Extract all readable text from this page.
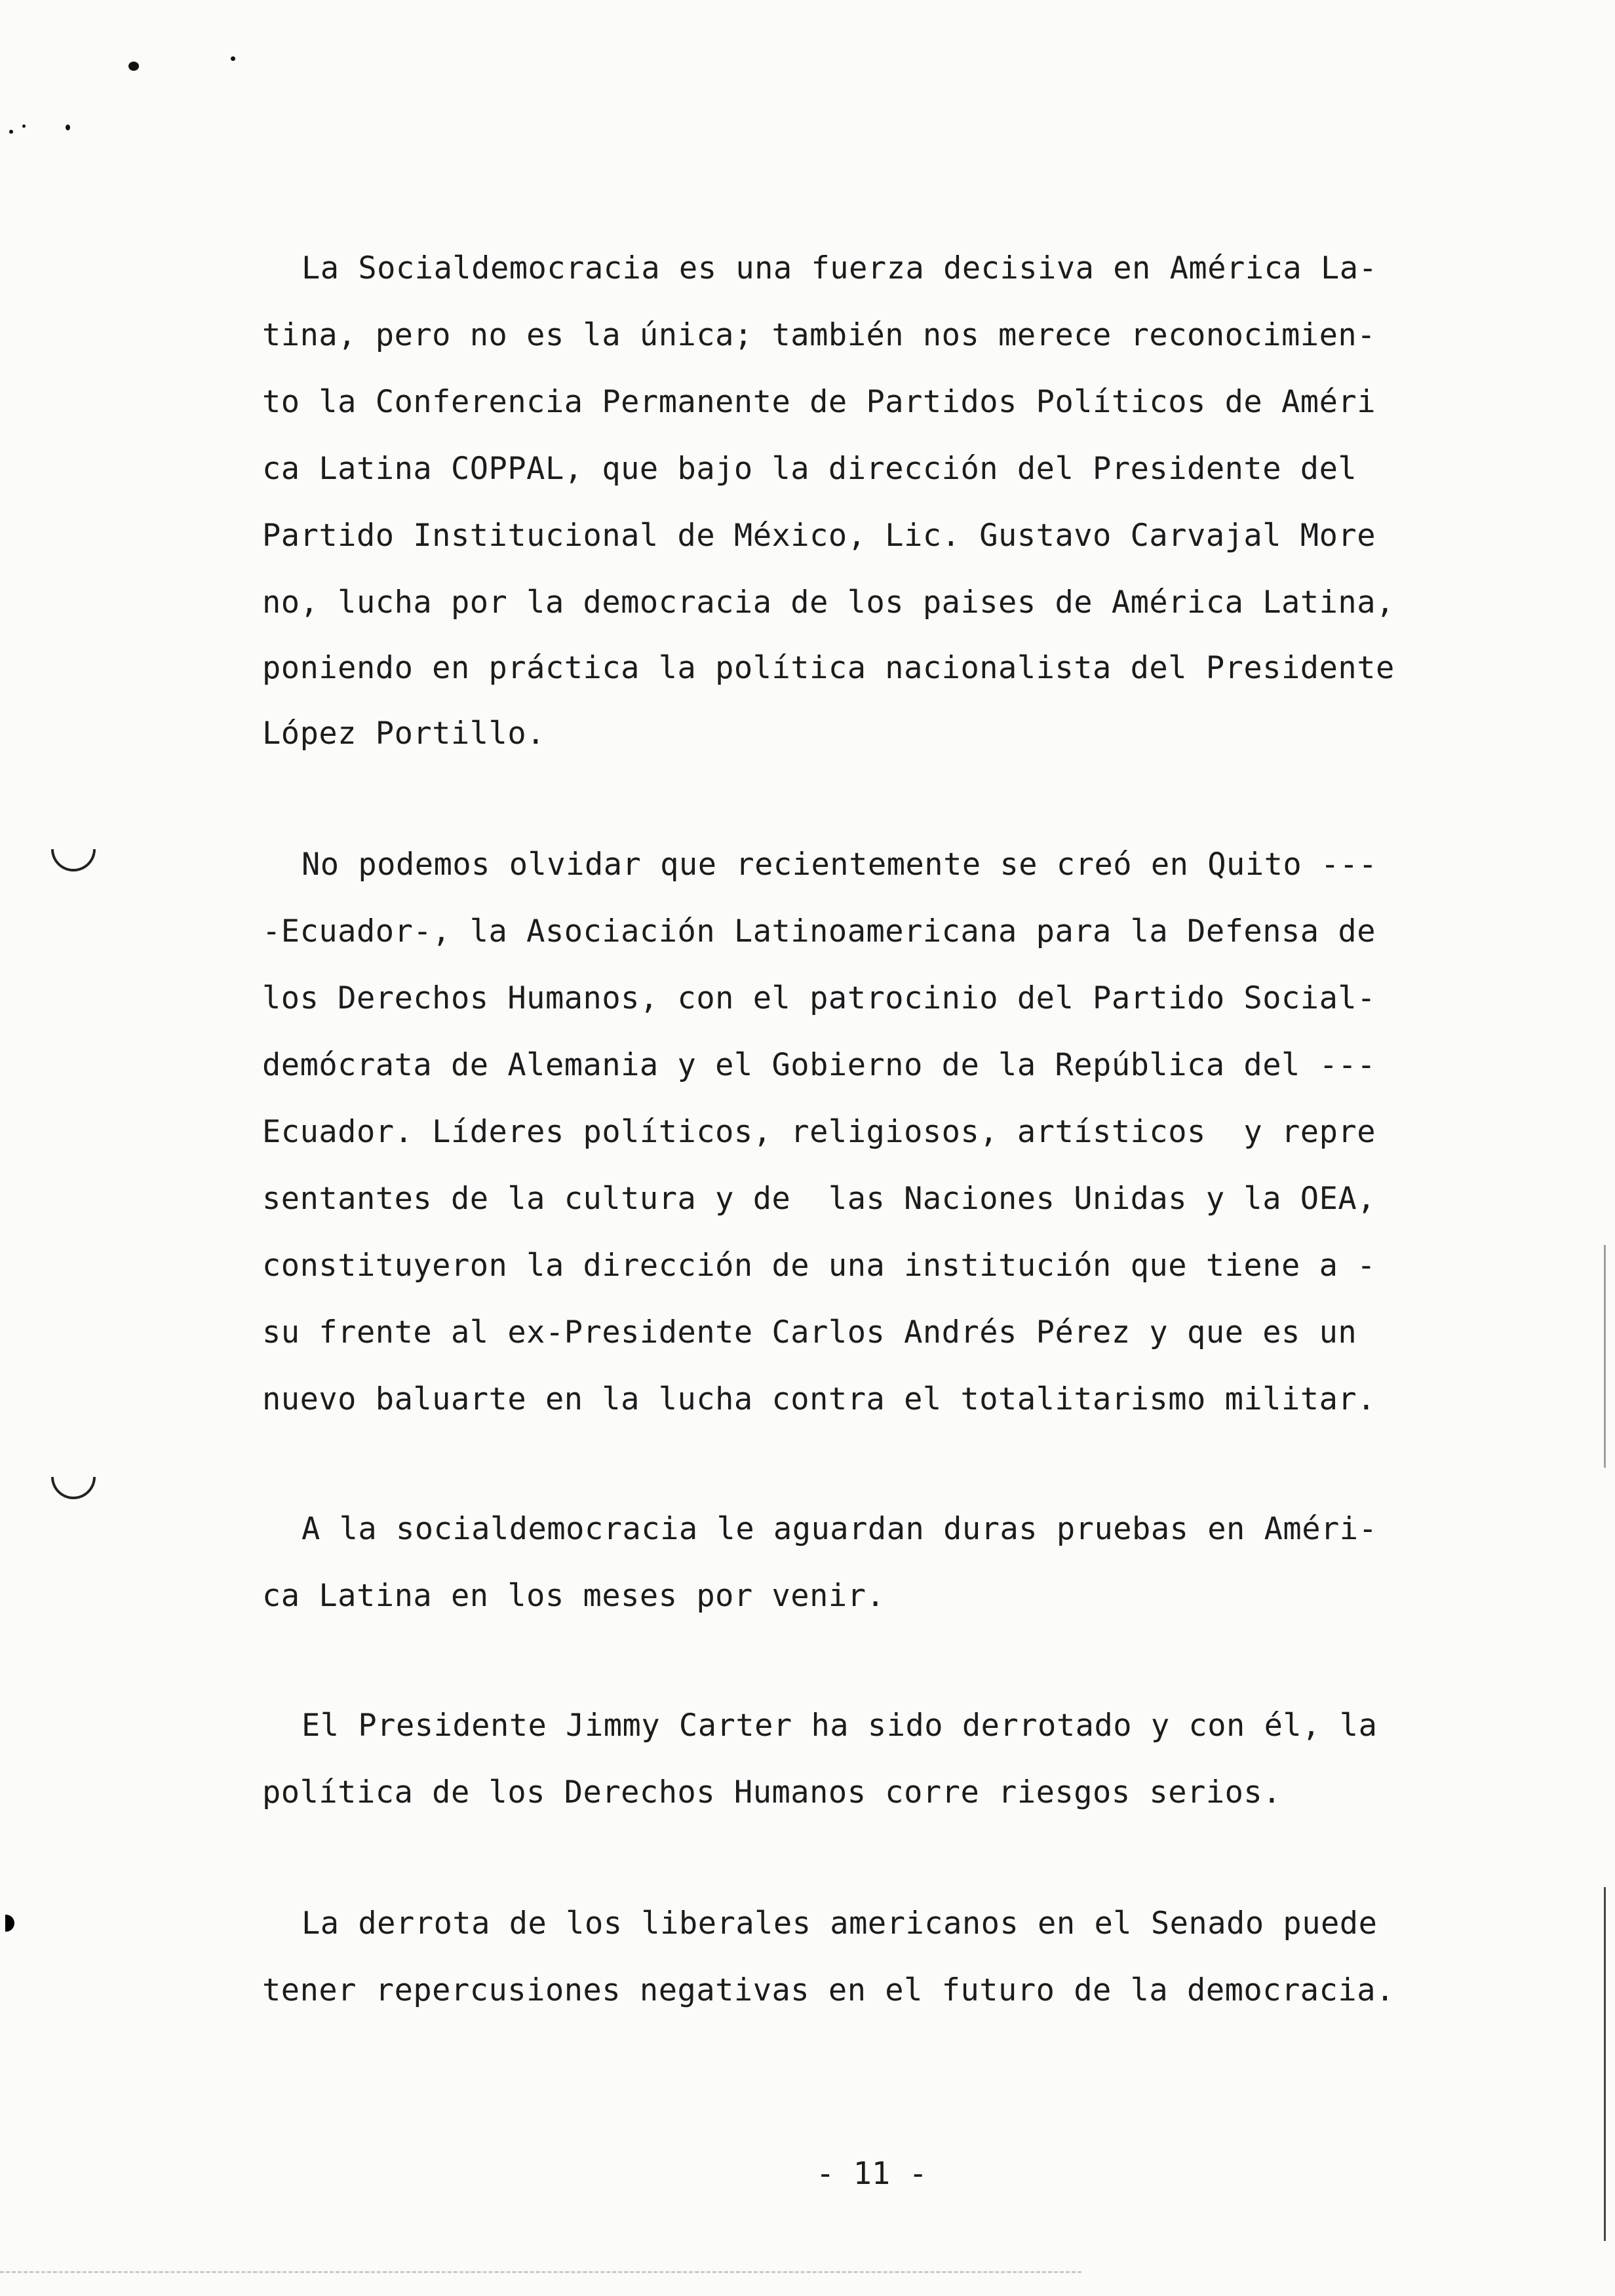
La Socialdemocracia es una fuerza decisiva en América La-
tina, pero no es la única; también nos merece reconocimien-
to la Conferencia Permanente de Partidos Políticos de Améri
ca Latina COPPAL, que bajo la dirección del Presidente del
Partido Institucional de México, Lic. Gustavo Carvajal More
no, lucha por la democracia de los paises de América Latina,
poniendo en práctica la política nacionalista del Presidente
López Portillo.
No podemos olvidar que recientemente se creó en Quito ---
-Ecuador-, la Asociación Latinoamericana para la Defensa de
los Derechos Humanos, con el patrocinio del Partido Social-
demócrata de Alemania y el Gobierno de la República del ---
Ecuador. Líderes políticos, religiosos, artísticos  y repre
sentantes de la cultura y de  las Naciones Unidas y la OEA,
constituyeron la dirección de una institución que tiene a -
su frente al ex-Presidente Carlos Andrés Pérez y que es un
nuevo baluarte en la lucha contra el totalitarismo militar.
A la socialdemocracia le aguardan duras pruebas en Améri-
ca Latina en los meses por venir.
El Presidente Jimmy Carter ha sido derrotado y con él, la
política de los Derechos Humanos corre riesgos serios.
La derrota de los liberales americanos en el Senado puede
tener repercusiones negativas en el futuro de la democracia.
- 11 -
